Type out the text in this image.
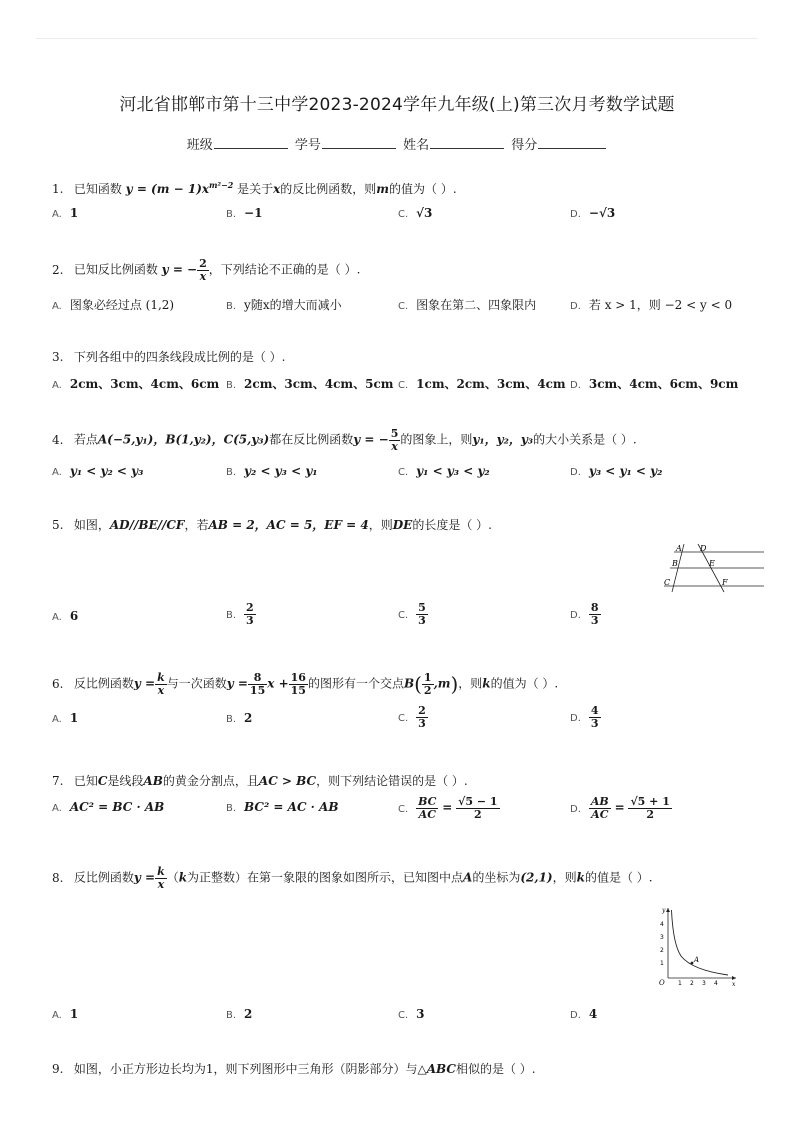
河北省邯郸市第十三中学2023-2024学年九年级(上)第三次月考数学试题
班级	学号	姓名	得分
1. 已知函数 $y = (m - 1)x^{m^2-2}$ 是关于x的反比例函数，则m的值为（ ）.
A. 1	B. −1	C. √3	D. −√3
2. 已知反比例函数 y = − $\frac{2}{x}$ ，下列结论不正确的是（ ）.
A. 图象必经过点 (1,2)	B. y随x的增大而减小	C. 图象在第二、四象限内	D. 若 x > 1，则 −2 < y < 0
3. 下列各组中的四条线段成比例的是（ ）.
A. 2cm、3cm、4cm、6cm B. 2cm、3cm、4cm、5cm C. 1cm、2cm、3cm、4cm D. 3cm、4cm、6cm、9cm
4. 若点A(−5,y₁)，B(1,y₂)，C(5,y₃)都在反比例函数y = − $\frac{5}{x}$ 的图象上，则y₁，y₂，y₃的大小关系是（ ）.
A. y₁ < y₂ < y₃	B. y₂ < y₃ < y₁	C. y₁ < y₃ < y₂	D. y₃ < y₁ < y₂
5. 如图，AD//BE//CF，若AB = 2，AC = 5，EF = 4，则DE的长度是（ ）.
A D
B	E
C	F
A. 6	B. $\frac{2}{3}$	C. $\frac{5}{3}$	D. $\frac{8}{3}$
6. 反比例函数$y = \frac{k}{x}$ 与一次函数$y = \frac{8}{15}$ $x + \frac{16}{15}$ 的图形有一个交点$B( \frac{1}{2} ,m)$，则k的值为（ ）.
A. 1	B. 2	C. $\frac{2}{3}$	D. $\frac{4}{3}$
7. 已知C是线段AB的黄金分割点，且AC > BC，则下列结论错误的是（ ）.
A. AC² = BC · AB	B. BC² = AC · AB	C. $\frac{BC}{AC} = \frac{√5 - 1}{2}$	D. $\frac{AB}{AC} = \frac{√5 + 1}{2}$
8. 反比例函数$y = \frac{k}{x} (k$为正整数）在第一象限的图象如图所示，已知图中点A的坐标为(2,1)，则k的值是（ ）.
A
y
x
O
4
3
2
1
1 2 3 4
A. 1	B. 2	C. 3	D. 4
9. 如图，小正方形边长均为1，则下列图形中三角形（阴影部分）与△ABC相似的是（ ）.
